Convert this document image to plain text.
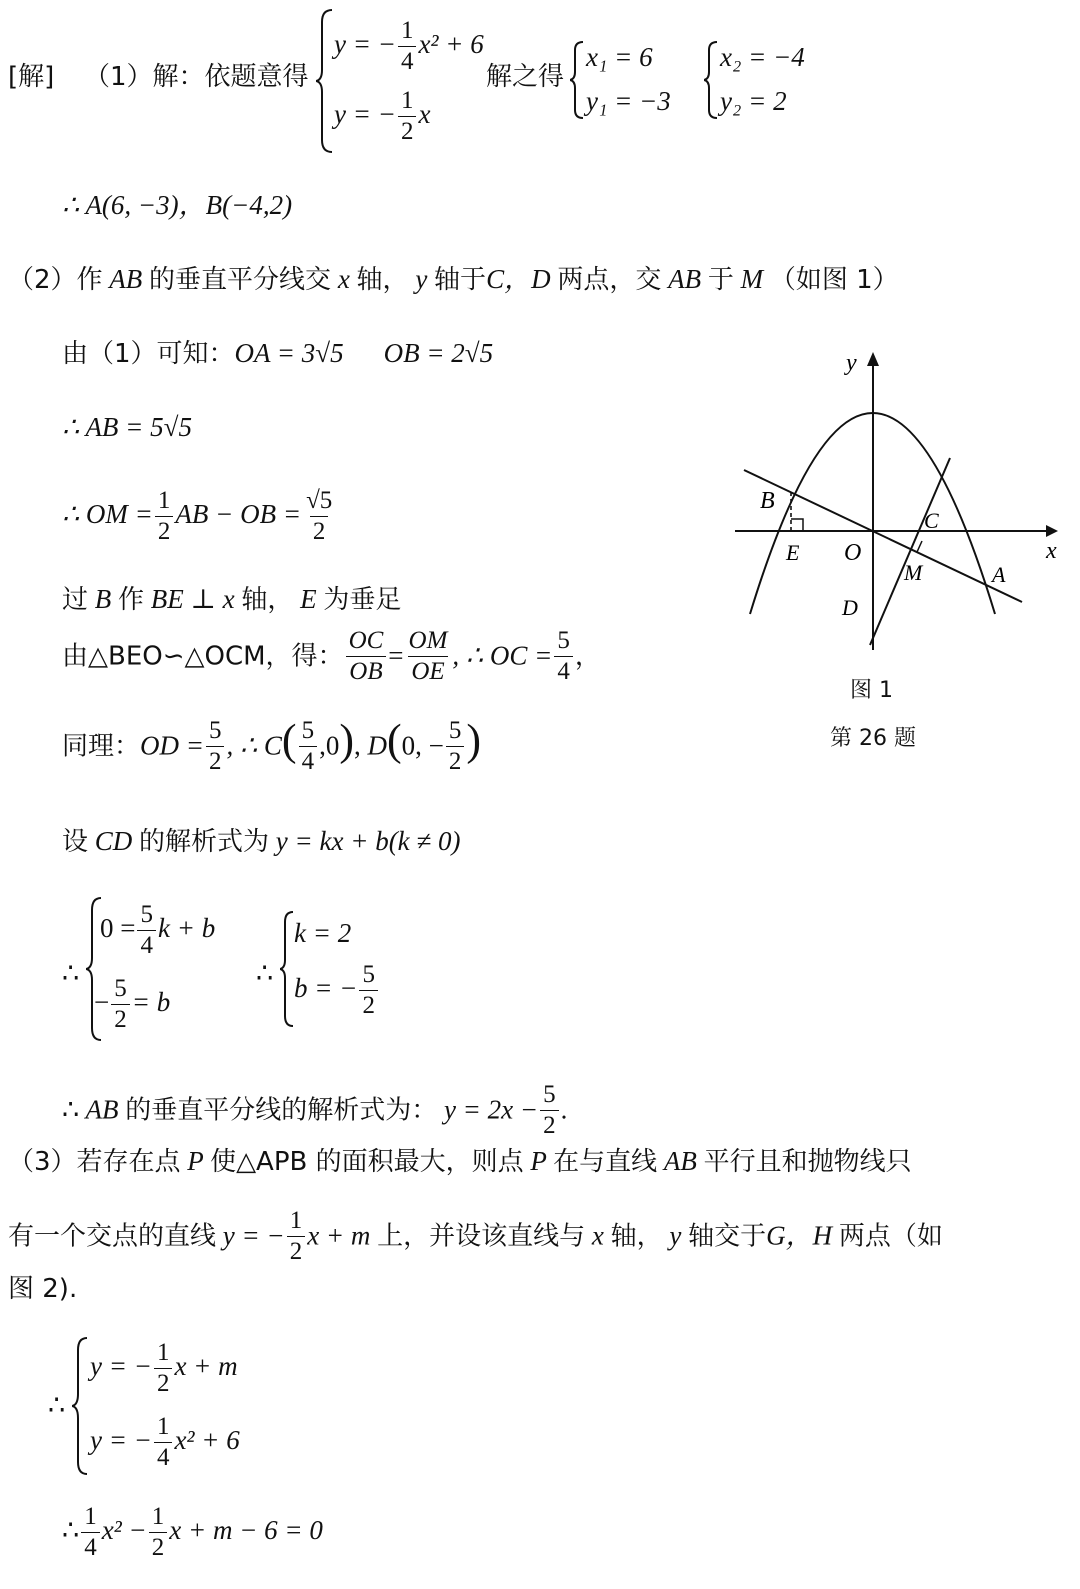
[解] （1）解：依题意得
y = − $\frac{1}{4} x^2 + 6$
y = − $\frac{1}{2}$ x
解之得
x₁ = 6
y₁ = −3
x₂ = −4
y₂ = 2
∴ A(6, −3)，B(−4,2)
（2）作 AB 的垂直平分线交 x 轴， y 轴于C，D 两点，交 AB 于 M （如图 1）
由（1）可知：OA = 3√5 OB = 2√5
∴ AB = 5√5
∴ OM = $\frac{1}{2}$ AB − OB = $\frac{√5}{2}$
过 B 作 BE ⊥ x 轴， E 为垂足
由△BEO∽△OCM，得： $\frac{OC}{OB} = \frac{OM}{OE}$ , ∴ OC = $\frac{5}{4}$ ，
同理：OD = $\frac{5}{2}$ , ∴ $C( \frac{5}{4} ,0)$, D(0, − $\frac{5}{2}$ )
设 CD 的解析式为 y = kx + b(k ≠ 0)
∴
$0 = \frac{5}{4}$ k + b
− $\frac{5}{2} = b$
∴
k = 2
b = − $\frac{5}{2}$
∴ AB 的垂直平分线的解析式为： $y = 2x - \frac{5}{2}$ .
（3）若存在点 P 使△APB 的面积最大，则点 P 在与直线 AB 平行且和抛物线只
有一个交点的直线 y = − $\frac{1}{2}$ x + m 上，并设该直线与 x 轴， y 轴交于G，H 两点（如
图 2).
∴
y = − $\frac{1}{2}$ x + m
y = − $\frac{1}{4} x^2 + 6$
∴ $\frac{1}{4} x^2 - \frac{1}{2}$ x + m − 6 = 0
y
x
O
B
E
C
M	A
D
图 1
第 26 题
